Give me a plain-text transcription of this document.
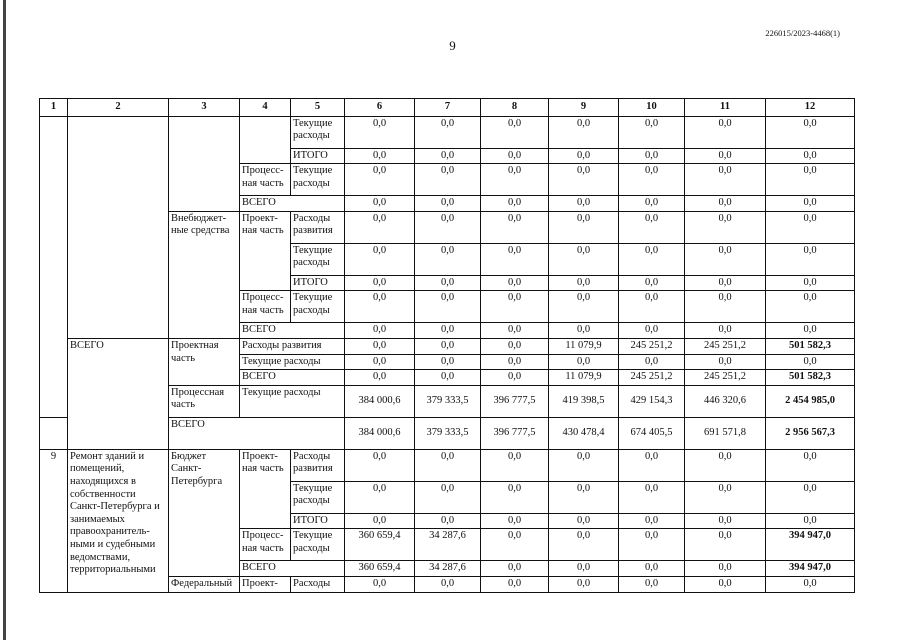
226015/2023-4468(1)
9
1	2	3	4	5	6	7	8	9	10	11	12
				Текущие расходы	0,0	0,0	0,0	0,0	0,0	0,0	0,0
				ИТОГО	0,0	0,0	0,0	0,0	0,0	0,0	0,0
			Процесс-ная часть	Текущие расходы	0,0	0,0	0,0	0,0	0,0	0,0	0,0
			ВСЕГО		0,0	0,0	0,0	0,0	0,0	0,0	0,0
		Внебюджет-ные средства	Проект-ная часть	Расходы развития	0,0	0,0	0,0	0,0	0,0	0,0	0,0
				Текущие расходы	0,0	0,0	0,0	0,0	0,0	0,0	0,0
				ИТОГО	0,0	0,0	0,0	0,0	0,0	0,0	0,0
			Процесс-ная часть	Текущие расходы	0,0	0,0	0,0	0,0	0,0	0,0	0,0
			ВСЕГО		0,0	0,0	0,0	0,0	0,0	0,0	0,0
	ВСЕГО	Проектная часть	Расходы развития		0,0	0,0	0,0	11 079,9	245 251,2	245 251,2	501 582,3
			Текущие расходы		0,0	0,0	0,0	0,0	0,0	0,0	0,0
			ВСЕГО		0,0	0,0	0,0	11 079,9	245 251,2	245 251,2	501 582,3
		Процессная часть	Текущие расходы		384 000,6	379 333,5	396 777,5	419 398,5	429 154,3	446 320,6	2 454 985,0
		ВСЕГО			384 000,6	379 333,5	396 777,5	430 478,4	674 405,5	691 571,8	2 956 567,3
9	Ремонт зданий и помещений, находящихся в собственности Санкт-Петербурга и занимаемых правоохранитель-ными и судебными ведомствами, территориальными	Бюджет Санкт-Петербурга	Проект-ная часть	Расходы развития	0,0	0,0	0,0	0,0	0,0	0,0	0,0
				Текущие расходы	0,0	0,0	0,0	0,0	0,0	0,0	0,0
				ИТОГО	0,0	0,0	0,0	0,0	0,0	0,0	0,0
			Процесс-ная часть	Текущие расходы	360 659,4	34 287,6	0,0	0,0	0,0	0,0	394 947,0
			ВСЕГО		360 659,4	34 287,6	0,0	0,0	0,0	0,0	394 947,0
		Федеральный	Проект-	Расходы	0,0	0,0	0,0	0,0	0,0	0,0	0,0
